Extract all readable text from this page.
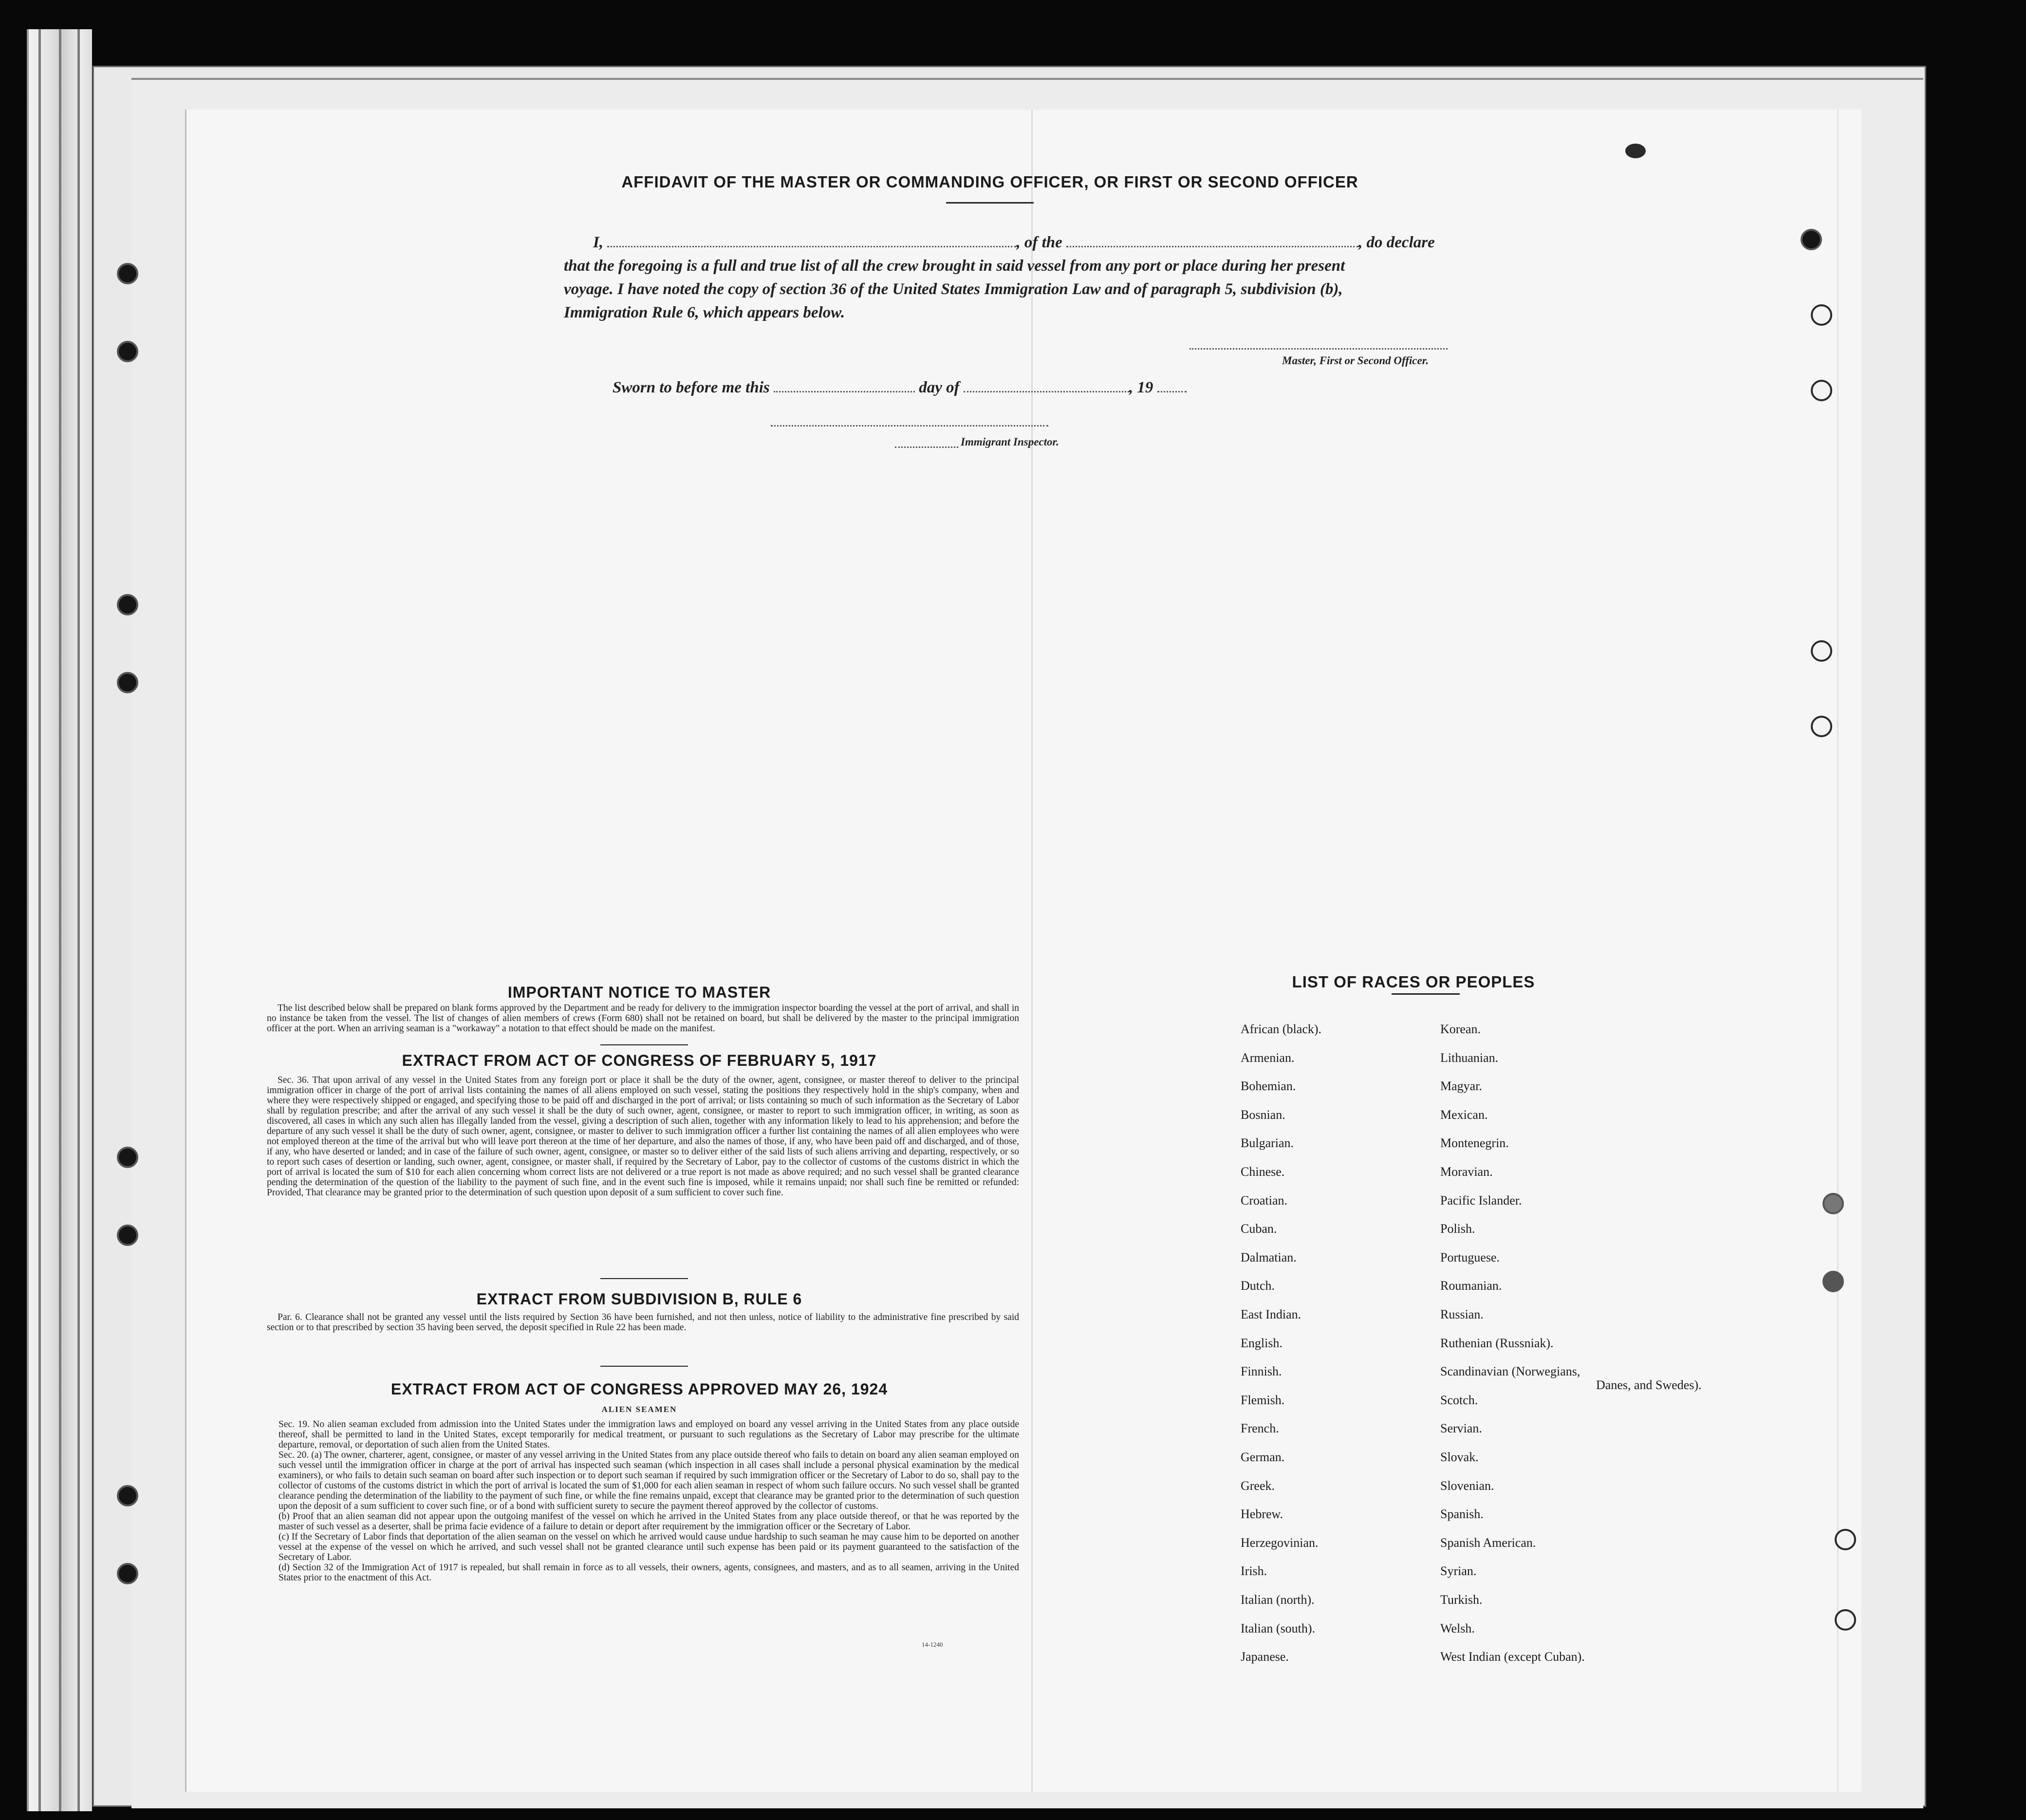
AFFIDAVIT OF THE MASTER OR COMMANDING OFFICER, OR FIRST OR SECOND OFFICER
I,	, of the	, do declare
that the foregoing is a full and true list of all the crew brought in said vessel from any port or place during her present
voyage. I have noted the copy of section 36 of the United States Immigration Law and of paragraph 5, subdivision (b),
Immigration Rule 6, which appears below.
Master, First or Second Officer.
Sworn to before me this	day of	, 19
Immigrant Inspector.
IMPORTANT NOTICE TO MASTER
The list described below shall be prepared on blank forms approved by the Department and be ready for delivery to the immigration inspector boarding the vessel at the port of arrival, and shall in no instance be taken from the vessel. The list of changes of alien members of crews (Form 680) shall not be retained on board, but shall be delivered by the master to the principal immigration officer at the port. When an arriving seaman is a "workaway" a notation to that effect should be made on the manifest.
EXTRACT FROM ACT OF CONGRESS OF FEBRUARY 5, 1917
Sec. 36. That upon arrival of any vessel in the United States from any foreign port or place it shall be the duty of the owner, agent, consignee, or master thereof to deliver to the principal immigration officer in charge of the port of arrival lists containing the names of all aliens employed on such vessel, stating the positions they respectively hold in the ship's company, when and where they were respectively shipped or engaged, and specifying those to be paid off and discharged in the port of arrival; or lists containing so much of such information as the Secretary of Labor shall by regulation prescribe; and after the arrival of any such vessel it shall be the duty of such owner, agent, consignee, or master to report to such immigration officer, in writing, as soon as discovered, all cases in which any such alien has illegally landed from the vessel, giving a description of such alien, together with any information likely to lead to his apprehension; and before the departure of any such vessel it shall be the duty of such owner, agent, consignee, or master to deliver to such immigration officer a further list containing the names of all alien employees who were not employed thereon at the time of the arrival but who will leave port thereon at the time of her departure, and also the names of those, if any, who have been paid off and discharged, and of those, if any, who have deserted or landed; and in case of the failure of such owner, agent, consignee, or master so to deliver either of the said lists of such aliens arriving and departing, respectively, or so to report such cases of desertion or landing, such owner, agent, consignee, or master shall, if required by the Secretary of Labor, pay to the collector of customs of the customs district in which the port of arrival is located the sum of $10 for each alien concerning whom correct lists are not delivered or a true report is not made as above required; and no such vessel shall be granted clearance pending the determination of the question of the liability to the payment of such fine, and in the event such fine is imposed, while it remains unpaid; nor shall such fine be remitted or refunded: Provided, That clearance may be granted prior to the determination of such question upon deposit of a sum sufficient to cover such fine.
EXTRACT FROM SUBDIVISION B, RULE 6
Par. 6. Clearance shall not be granted any vessel until the lists required by Section 36 have been furnished, and not then unless, notice of liability to the administrative fine prescribed by said section or to that prescribed by section 35 having been served, the deposit specified in Rule 22 has been made.
EXTRACT FROM ACT OF CONGRESS APPROVED MAY 26, 1924
ALIEN SEAMEN
Sec. 19. No alien seaman excluded from admission into the United States under the immigration laws and employed on board any vessel arriving in the United States from any place outside thereof, shall be permitted to land in the United States, except temporarily for medical treatment, or pursuant to such regulations as the Secretary of Labor may prescribe for the ultimate departure, removal, or deportation of such alien from the United States.
Sec. 20. (a) The owner, charterer, agent, consignee, or master of any vessel arriving in the United States from any place outside thereof who fails to detain on board any alien seaman employed on such vessel until the immigration officer in charge at the port of arrival has inspected such seaman (which inspection in all cases shall include a personal physical examination by the medical examiners), or who fails to detain such seaman on board after such inspection or to deport such seaman if required by such immigration officer or the Secretary of Labor to do so, shall pay to the collector of customs of the customs district in which the port of arrival is located the sum of $1,000 for each alien seaman in respect of whom such failure occurs. No such vessel shall be granted clearance pending the determination of the liability to the payment of such fine, or while the fine remains unpaid, except that clearance may be granted prior to the determination of such question upon the deposit of a sum sufficient to cover such fine, or of a bond with sufficient surety to secure the payment thereof approved by the collector of customs.
(b) Proof that an alien seaman did not appear upon the outgoing manifest of the vessel on which he arrived in the United States from any place outside thereof, or that he was reported by the master of such vessel as a deserter, shall be prima facie evidence of a failure to detain or deport after requirement by the immigration officer or the Secretary of Labor.
(c) If the Secretary of Labor finds that deportation of the alien seaman on the vessel on which he arrived would cause undue hardship to such seaman he may cause him to be deported on another vessel at the expense of the vessel on which he arrived, and such vessel shall not be granted clearance until such expense has been paid or its payment guaranteed to the satisfaction of the Secretary of Labor.
(d) Section 32 of the Immigration Act of 1917 is repealed, but shall remain in force as to all vessels, their owners, agents, consignees, and masters, and as to all seamen, arriving in the United States prior to the enactment of this Act.
14-1240
LIST OF RACES OR PEOPLES
African (black).
Armenian.
Bohemian.
Bosnian.
Bulgarian.
Chinese.
Croatian.
Cuban.
Dalmatian.
Dutch.
East Indian.
English.
Finnish.
Flemish.
French.
German.
Greek.
Hebrew.
Herzegovinian.
Irish.
Italian (north).
Italian (south).
Japanese.
Korean.
Lithuanian.
Magyar.
Mexican.
Montenegrin.
Moravian.
Pacific Islander.
Polish.
Portuguese.
Roumanian.
Russian.
Ruthenian (Russniak).
Scandinavian (Norwegians,
Scotch.
Servian.
Slovak.
Slovenian.
Spanish.
Spanish American.
Syrian.
Turkish.
Welsh.
West Indian (except Cuban).
Danes, and Swedes).
